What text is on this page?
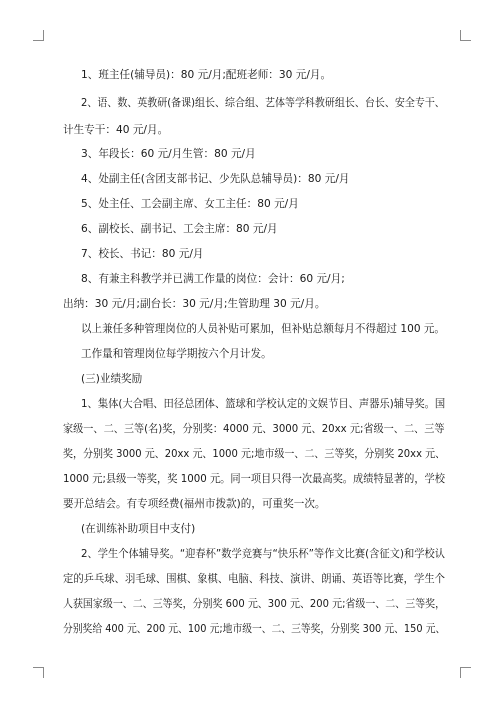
1、班主任(辅导员)：80 元/月;配班老师：30 元/月。

2、语、数、英教研(备课)组长、综合组、艺体等学科教研组长、台长、安全专干、

计生专干：40 元/月。

3、年段长：60 元/月生管：80 元/月

4、处副主任(含团支部书记、少先队总辅导员)：80 元/月

5、处主任、工会副主席、女工主任：80 元/月

6、副校长、副书记、工会主席：80 元/月

7、校长、书记：80 元/月

8、有兼主科教学并已满工作量的岗位：会计：60 元/月;

出纳：30 元/月;副台长：30 元/月;生管助理 30 元/月。

以上兼任多种管理岗位的人员补贴可累加，但补贴总额每月不得超过 100 元。

工作量和管理岗位每学期按六个月计发。

(三)业绩奖励

1、集体(大合唱、田径总团体、篮球和学校认定的文娱节目、声器乐)辅导奖。国

家级一、二、三等(名)奖，分别奖：4000 元、3000 元、20xx 元;省级一、二、三等

奖，分别奖 3000 元、20xx 元、1000 元;地市级一、二、三等奖，分别奖 20xx 元、

1000 元;县级一等奖，奖 1000 元。同一项目只得一次最高奖。成绩特显著的，学校

要开总结会。有专项经费(福州市拨款)的，可重奖一次。

(在训练补助项目中支付)

2、学生个体辅导奖。“迎春杯”数学竞赛与“快乐杯”等作文比赛(含征文)和学校认

定的乒乓球、羽毛球、围棋、象棋、电脑、科技、演讲、朗诵、英语等比赛，学生个

人获国家级一、二、三等奖，分别奖 600 元、300 元、200 元;省级一、二、三等奖，

分别奖给 400 元、200 元、100 元;地市级一、二、三等奖，分别奖 300 元、150 元、
